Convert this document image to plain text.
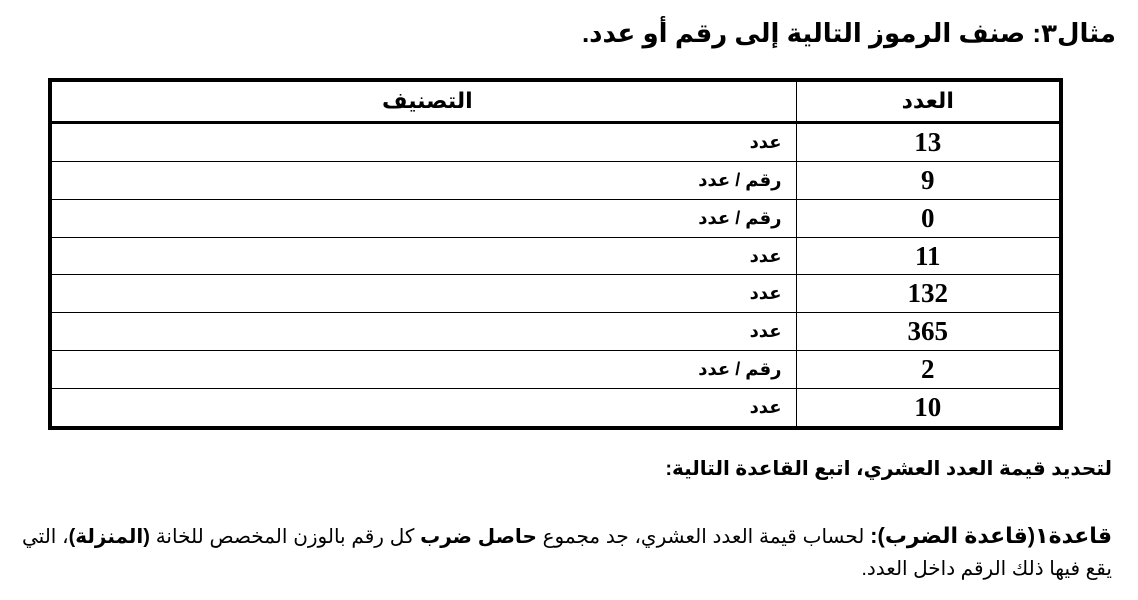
مثال٣: صنف الرموز التالية إلى رقم أو عدد.
العدد	التصنيف
13	عدد
9	رقم / عدد
0	رقم / عدد
11	عدد
132	عدد
365	عدد
2	رقم / عدد
10	عدد
لتحديد قيمة العدد العشري، اتبع القاعدة التالية:
قاعدة١(قاعدة الضرب): لحساب قيمة العدد العشري، جد مجموع حاصل ضرب كل رقم بالوزن المخصص للخانة (المنزلة)، التي يقع فيها ذلك الرقم داخل العدد.
